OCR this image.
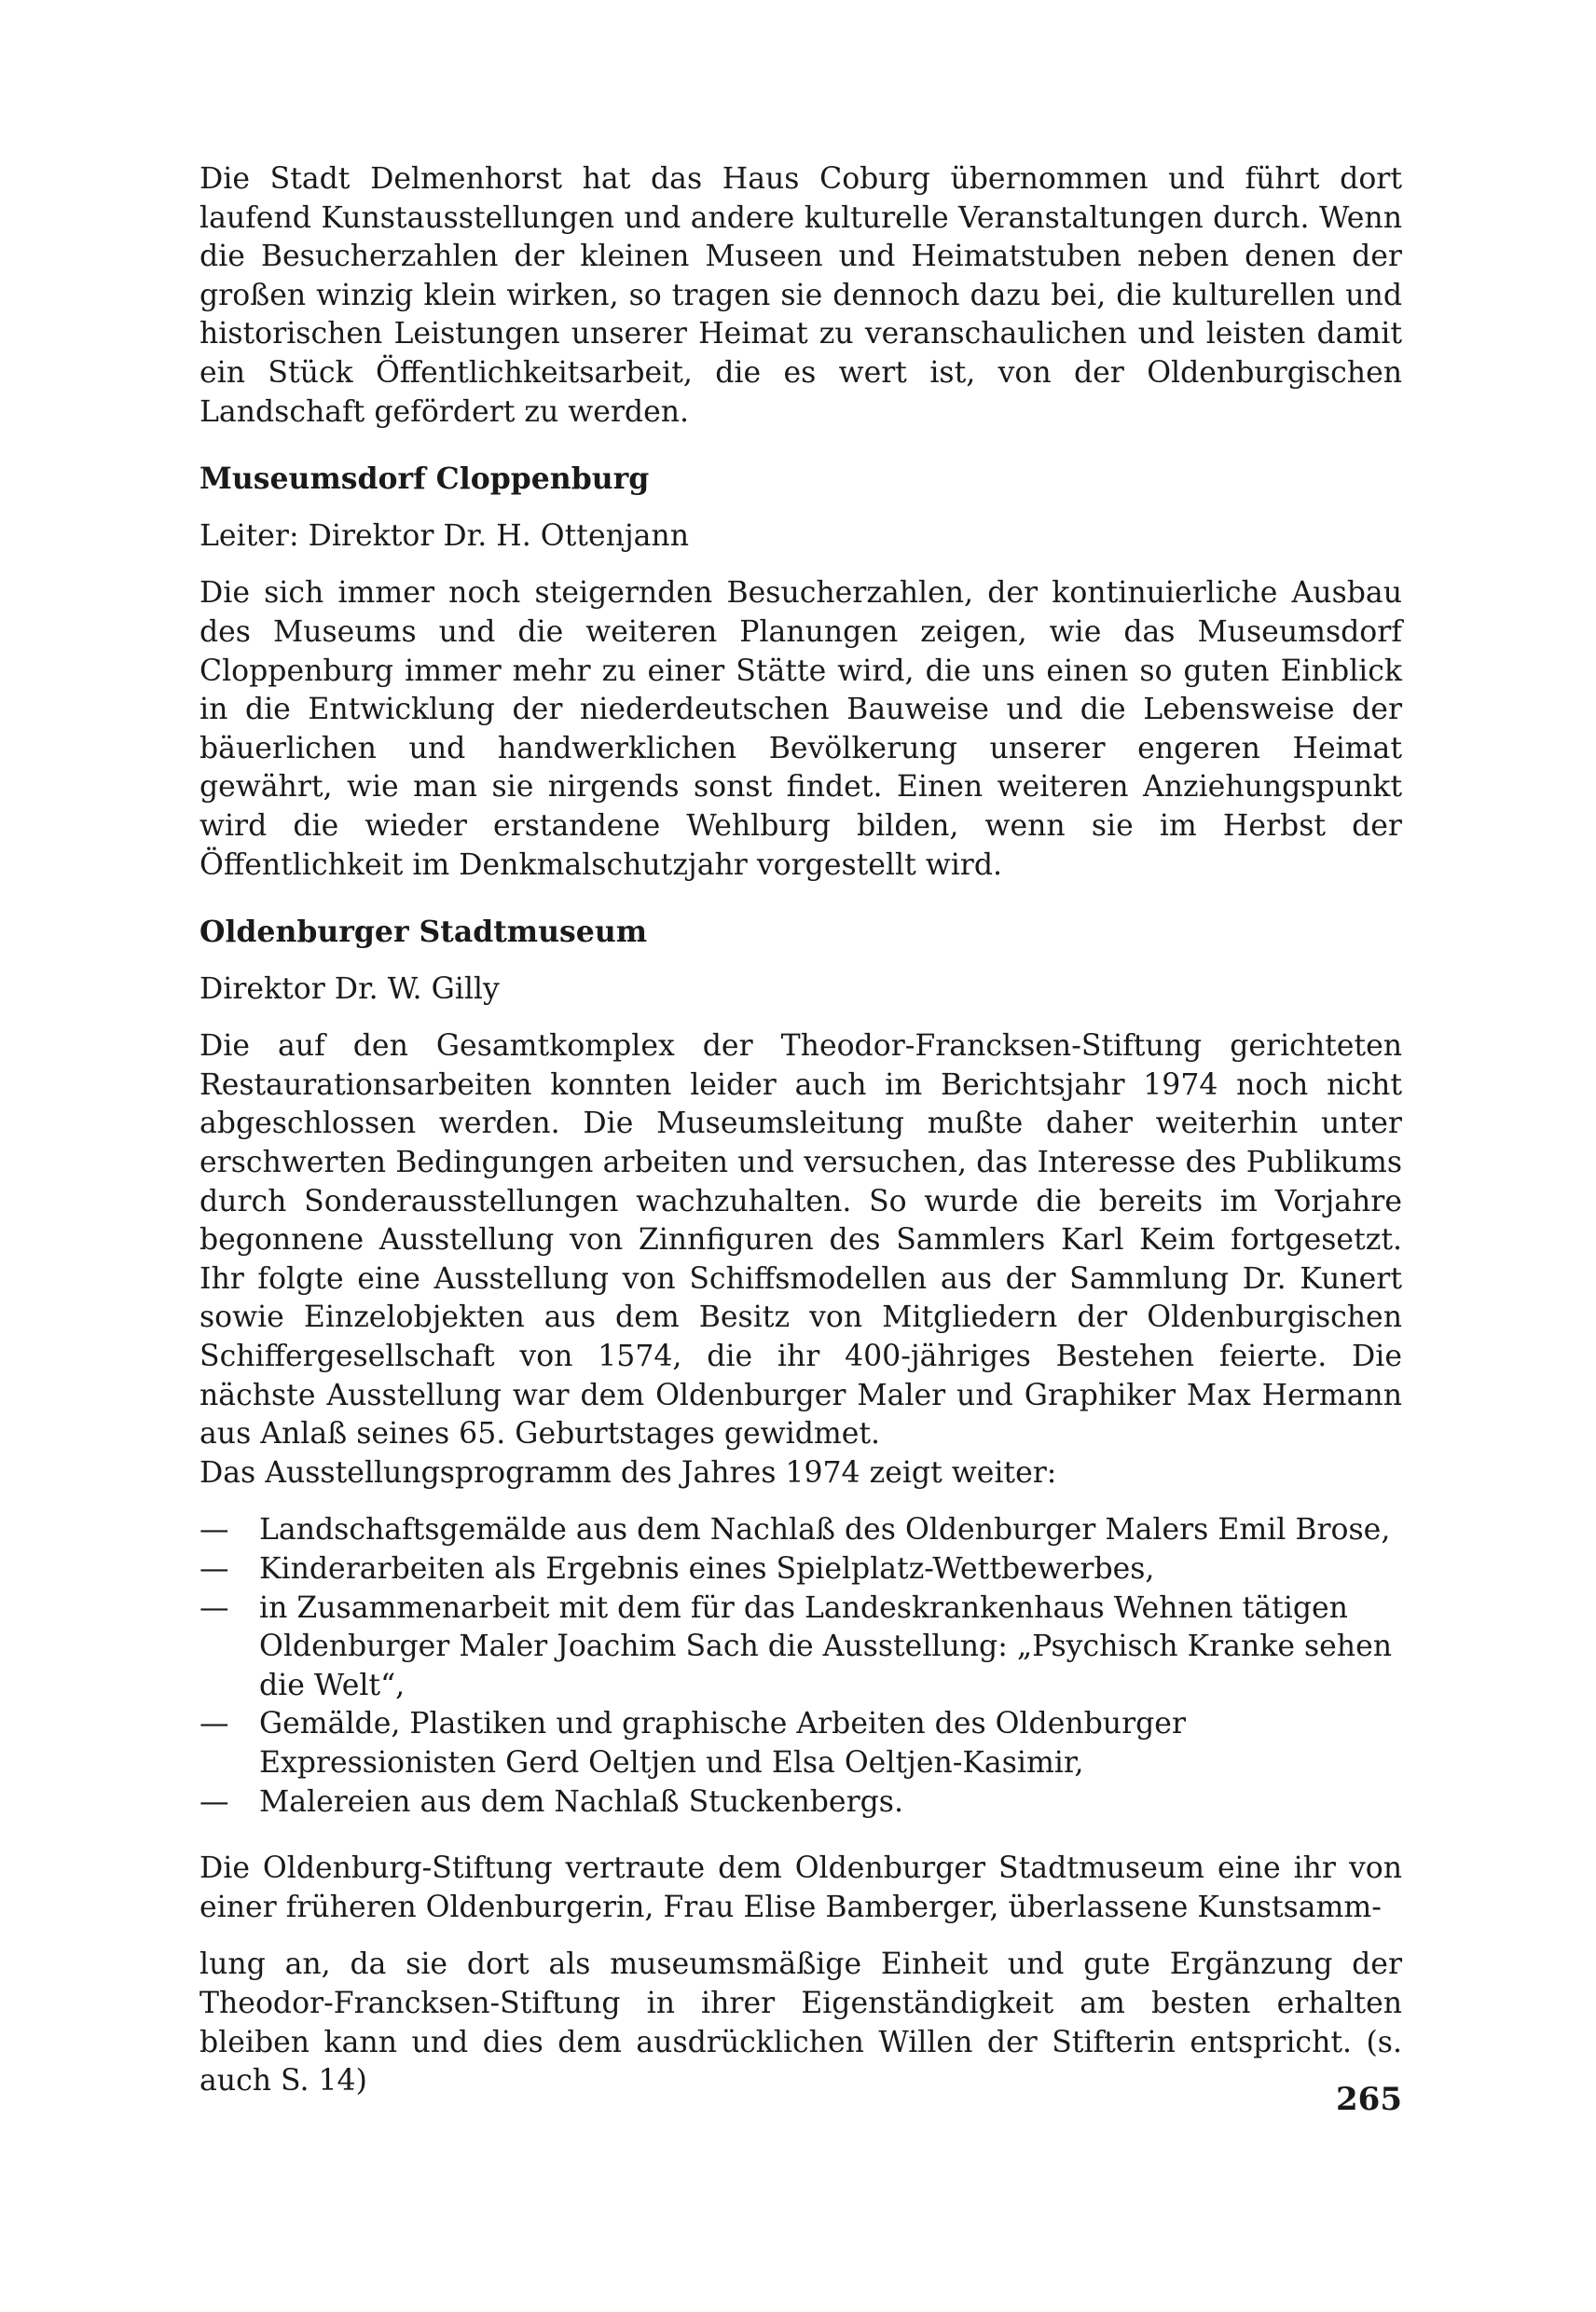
Die Stadt Delmenhorst hat das Haus Coburg übernommen und führt dort laufend Kunstausstellungen und andere kulturelle Veranstaltungen durch. Wenn die Besucherzahlen der kleinen Museen und Heimatstuben neben denen der großen winzig klein wirken, so tragen sie dennoch dazu bei, die kulturellen und historischen Leistungen unserer Heimat zu veranschaulichen und leisten damit ein Stück Öffentlichkeitsarbeit, die es wert ist, von der Oldenburgischen Landschaft gefördert zu werden.

Museumsdorf Cloppenburg
Leiter: Direktor Dr. H. Ottenjann

Die sich immer noch steigernden Besucherzahlen, der kontinuierliche Ausbau des Museums und die weiteren Planungen zeigen, wie das Museumsdorf Cloppenburg immer mehr zu einer Stätte wird, die uns einen so guten Einblick in die Entwicklung der niederdeutschen Bauweise und die Lebensweise der bäuerlichen und handwerklichen Bevölkerung unserer engeren Heimat gewährt, wie man sie nirgends sonst findet. Einen weiteren Anziehungspunkt wird die wieder erstandene Wehlburg bilden, wenn sie im Herbst der Öffentlichkeit im Denkmalschutzjahr vorgestellt wird.

Oldenburger Stadtmuseum
Direktor Dr. W. Gilly

Die auf den Gesamtkomplex der Theodor-Francksen-Stiftung gerichteten Restaurationsarbeiten konnten leider auch im Berichtsjahr 1974 noch nicht abgeschlossen werden. Die Museumsleitung mußte daher weiterhin unter erschwerten Bedingungen arbeiten und versuchen, das Interesse des Publikums durch Sonderausstellungen wachzuhalten. So wurde die bereits im Vorjahre begonnene Ausstellung von Zinnfiguren des Sammlers Karl Keim fortgesetzt. Ihr folgte eine Ausstellung von Schiffsmodellen aus der Sammlung Dr. Kunert sowie Einzelobjekten aus dem Besitz von Mitgliedern der Oldenburgischen Schiffergesellschaft von 1574, die ihr 400-jähriges Bestehen feierte. Die nächste Ausstellung war dem Oldenburger Maler und Graphiker Max Hermann aus Anlaß seines 65. Geburtstages gewidmet.

Das Ausstellungsprogramm des Jahres 1974 zeigt weiter:

— Landschaftsgemälde aus dem Nachlaß des Oldenburger Malers Emil Brose,
— Kinderarbeiten als Ergebnis eines Spielplatz-Wettbewerbes,
— in Zusammenarbeit mit dem für das Landeskrankenhaus Wehnen tätigen Oldenburger Maler Joachim Sach die Ausstellung: „Psychisch Kranke sehen die Welt“,
— Gemälde, Plastiken und graphische Arbeiten des Oldenburger Expressionisten Gerd Oeltjen und Elsa Oeltjen-Kasimir,
— Malereien aus dem Nachlaß Stuckenbergs.

Die Oldenburg-Stiftung vertraute dem Oldenburger Stadtmuseum eine ihr von einer früheren Oldenburgerin, Frau Elise Bamberger, überlassene Kunstsamm-

lung an, da sie dort als museumsmäßige Einheit und gute Ergänzung der Theodor-Francksen-Stiftung in ihrer Eigenständigkeit am besten erhalten bleiben kann und dies dem ausdrücklichen Willen der Stifterin entspricht. (s. auch S. 14)	265
